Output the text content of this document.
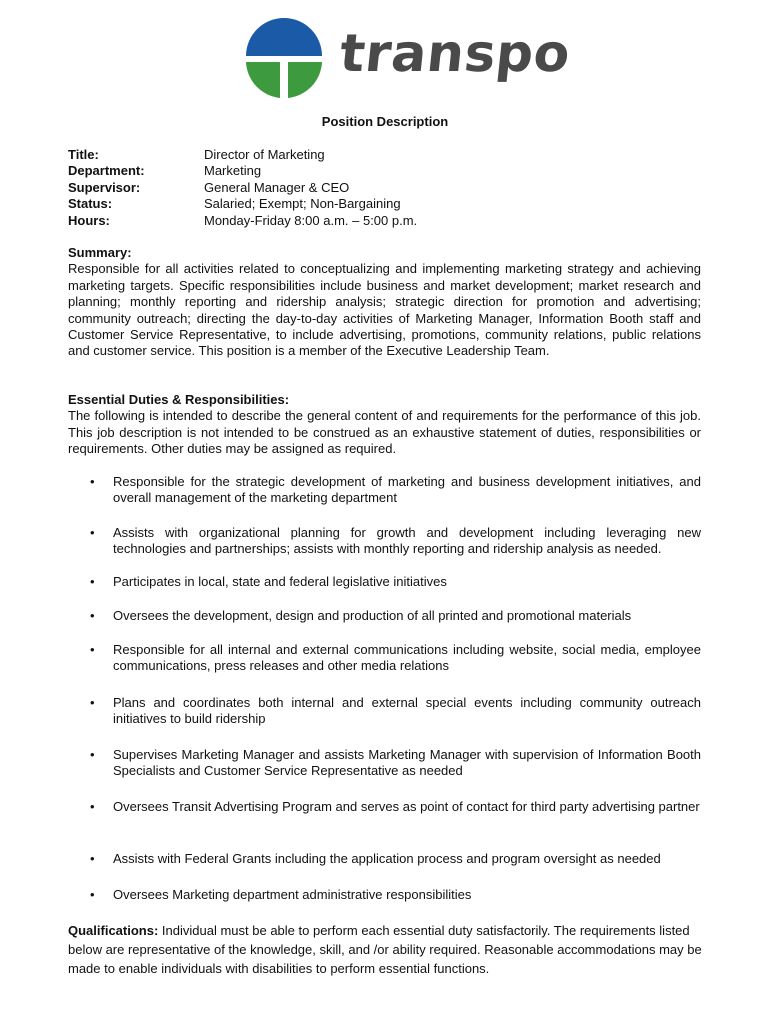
transpo
Position Description
Title:	Director of Marketing
Department:	Marketing
Supervisor:	General Manager & CEO
Status:	Salaried; Exempt; Non-Bargaining
Hours:	Monday-Friday 8:00 a.m. – 5:00 p.m.
Summary:
Responsible for all activities related to conceptualizing and implementing marketing strategy and achieving marketing targets. Specific responsibilities include business and market development; market research and planning; monthly reporting and ridership analysis; strategic direction for promotion and advertising; community outreach; directing the day-to-day activities of Marketing Manager, Information Booth staff and Customer Service Representative, to include advertising, promotions, community relations, public relations and customer service. This position is a member of the Executive Leadership Team.
Essential Duties & Responsibilities:
The following is intended to describe the general content of and requirements for the performance of this job. This job description is not intended to be construed as an exhaustive statement of duties, responsibilities or requirements. Other duties may be assigned as required.
• Responsible for the strategic development of marketing and business development initiatives, and overall management of the marketing department
• Assists with organizational planning for growth and development including leveraging new technologies and partnerships; assists with monthly reporting and ridership analysis as needed.
• Participates in local, state and federal legislative initiatives
• Oversees the development, design and production of all printed and promotional materials
• Responsible for all internal and external communications including website, social media, employee communications, press releases and other media relations
• Plans and coordinates both internal and external special events including community outreach initiatives to build ridership
• Supervises Marketing Manager and assists Marketing Manager with supervision of Information Booth Specialists and Customer Service Representative as needed
• Oversees Transit Advertising Program and serves as point of contact for third party advertising partner
• Assists with Federal Grants including the application process and program oversight as needed
• Oversees Marketing department administrative responsibilities
Qualifications: Individual must be able to perform each essential duty satisfactorily. The requirements listed below are representative of the knowledge, skill, and /or ability required. Reasonable accommodations may be made to enable individuals with disabilities to perform essential functions.
